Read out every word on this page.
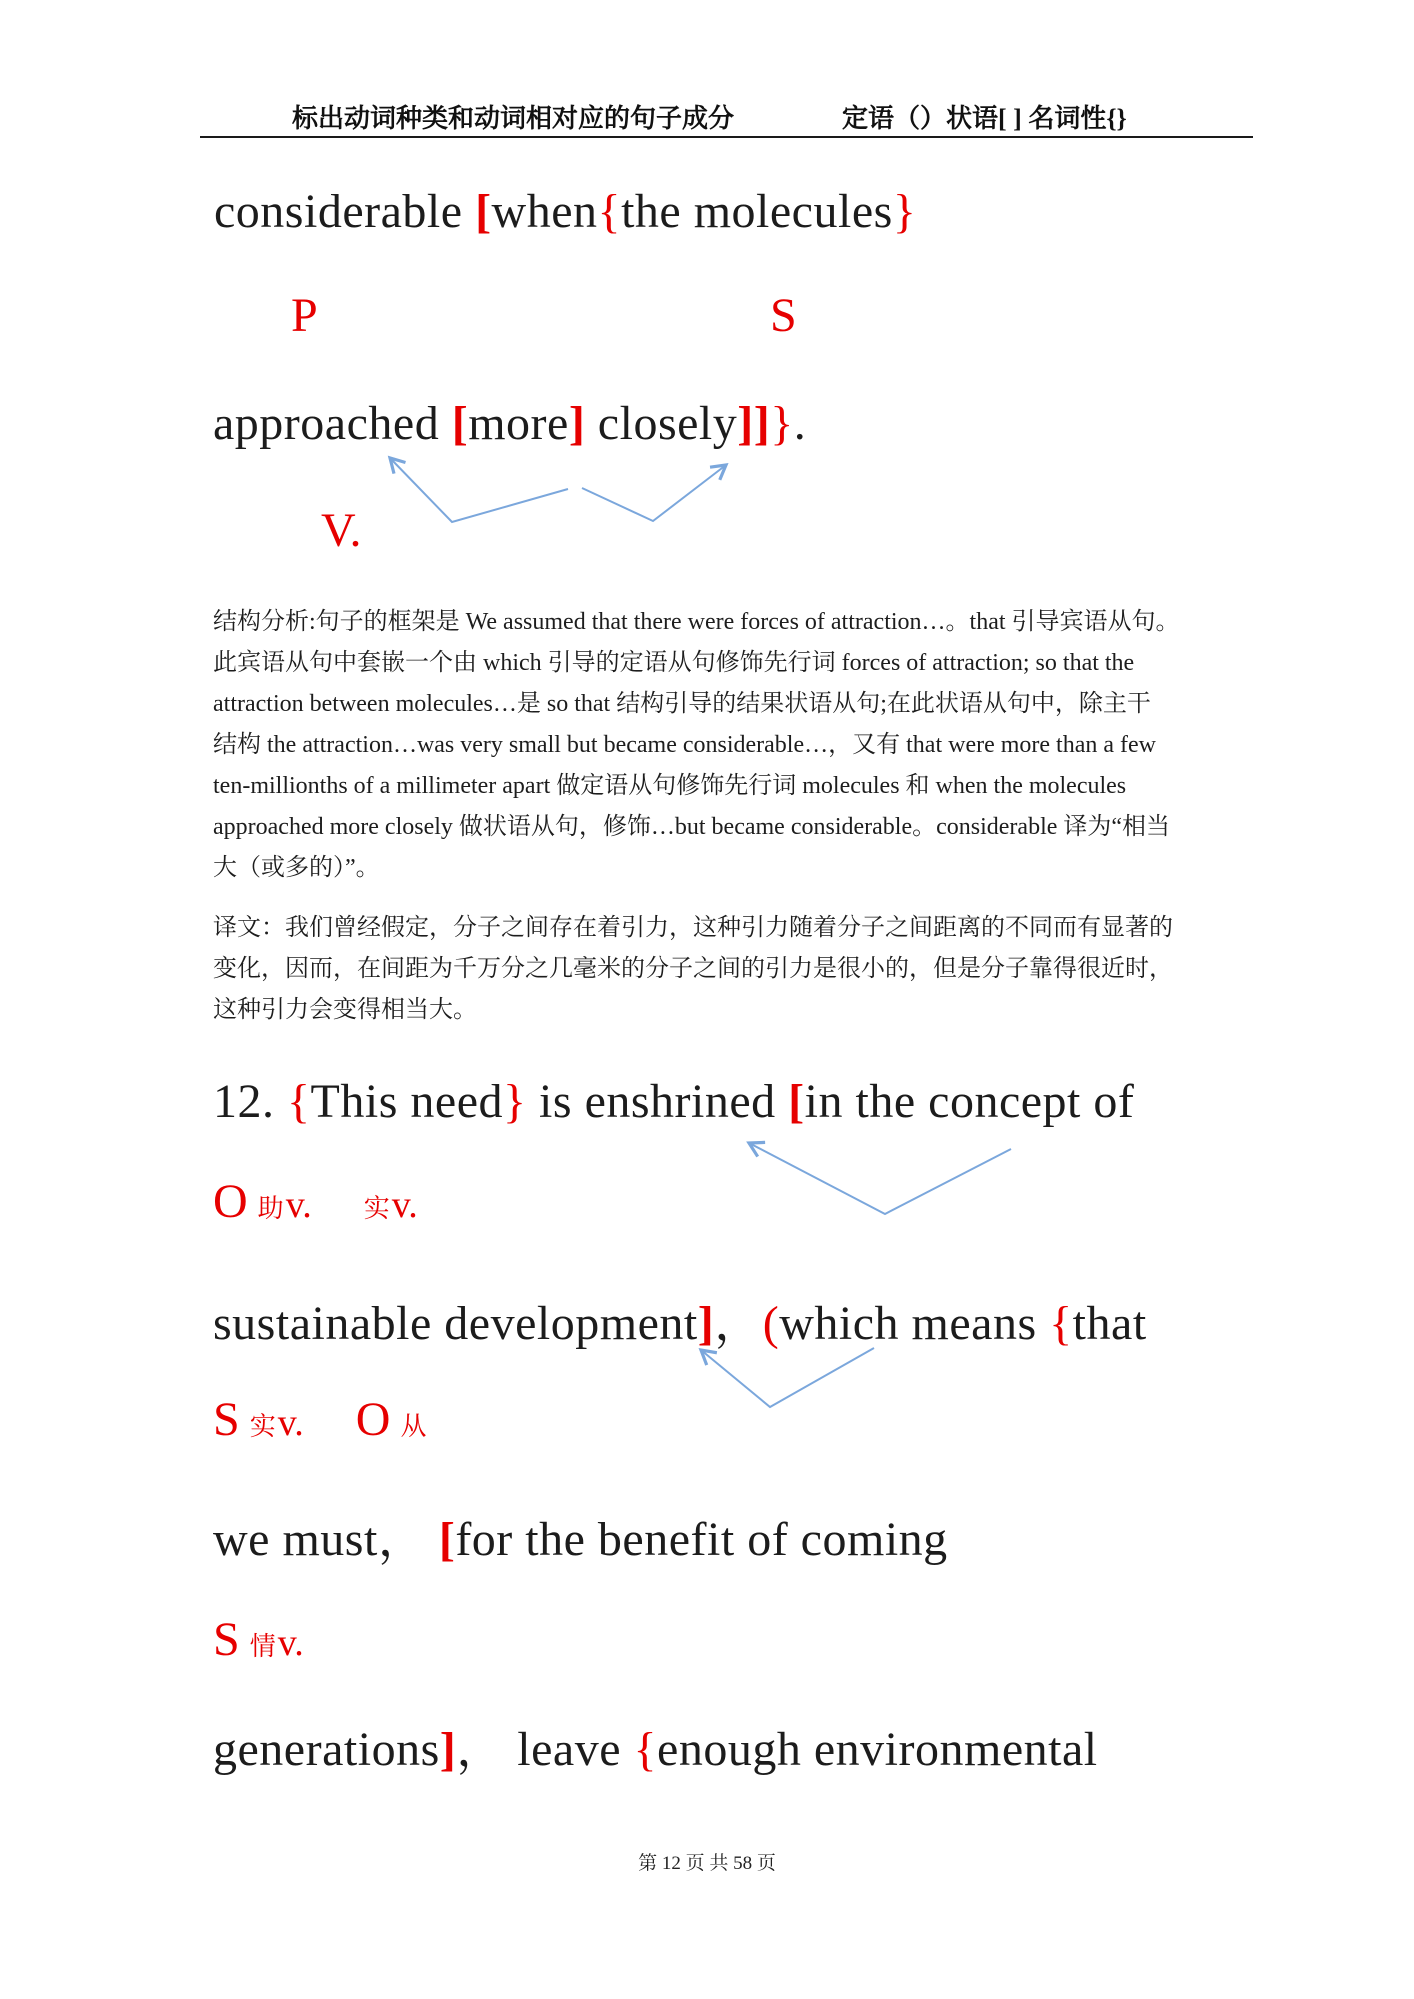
标出动词种类和动词相对应的句子成分	定语（）状语[ ] 名词性{}
considerable [when{the molecules}
P	S
approached [more] closely]]}.
V.
结构分析:句子的框架是 We assumed that there were forces of attraction…。that 引导宾语从句。
此宾语从句中套嵌一个由 which 引导的定语从句修饰先行词 forces of attraction; so that the
attraction between molecules…是 so that 结构引导的结果状语从句;在此状语从句中，除主干
结构 the attraction…was very small but became considerable…，又有 that were more than a few
ten-millionths of a millimeter apart 做定语从句修饰先行词 molecules 和 when the molecules
approached more closely 做状语从句，修饰…but became considerable。considerable 译为“相当
大（或多的）”。
译文：我们曾经假定，分子之间存在着引力，这种引力随着分子之间距离的不同而有显著的
变化，因而，在间距为千万分之几毫米的分子之间的引力是很小的，但是分子靠得很近时，
这种引力会变得相当大。
12. {This need} is enshrined [in the concept of
O助v. 实v.
sustainable development]，(which means {that
S实v. O 从
we must， [for the benefit of coming
S情v.
generations]， leave {enough environmental
第 12 页 共 58 页
